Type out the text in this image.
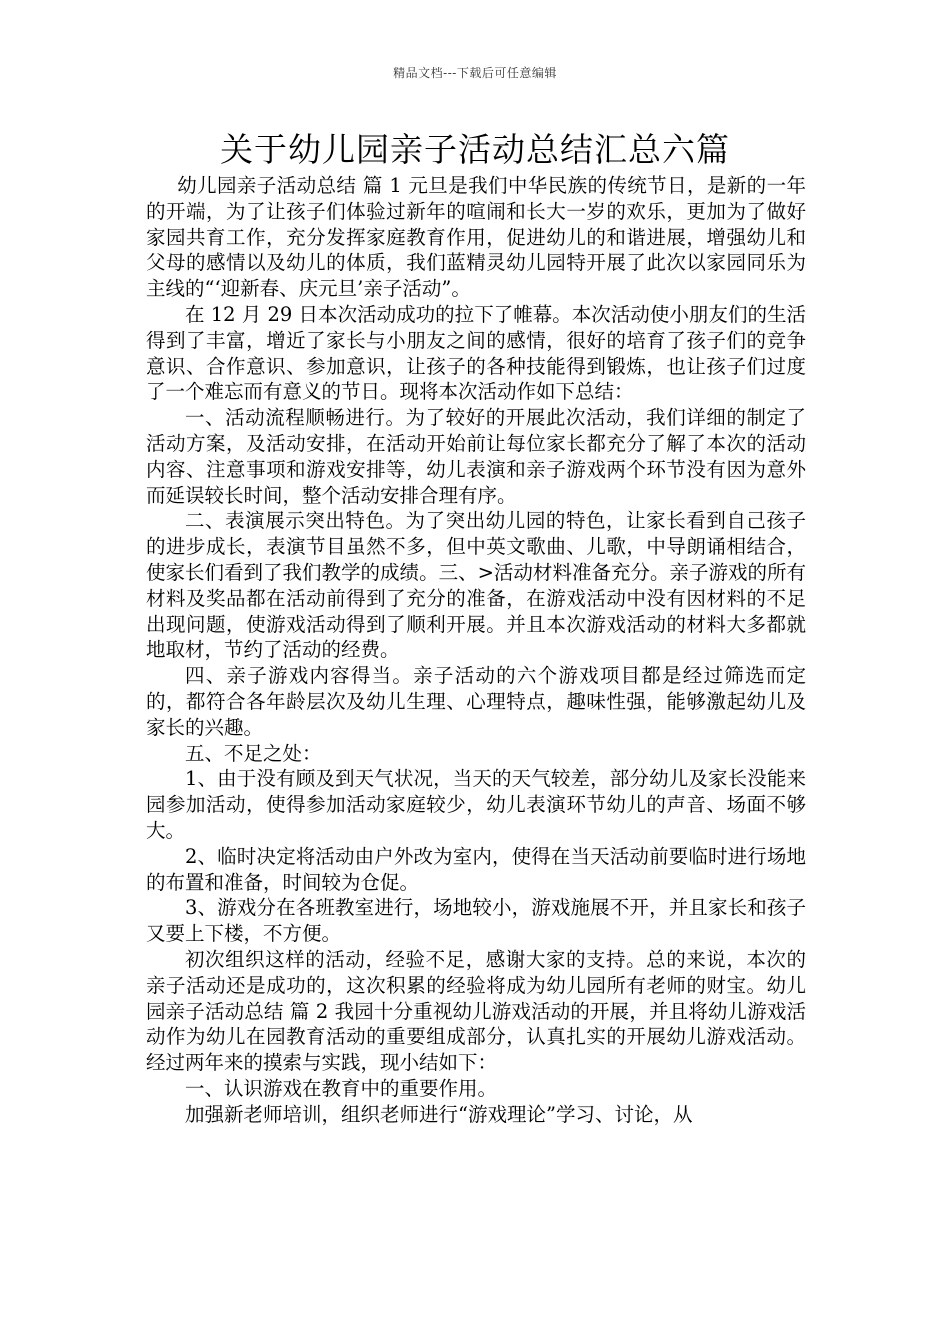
精品文档---下载后可任意编辑
关于幼儿园亲子活动总结汇总六篇

幼儿园亲子活动总结 篇 1 元旦是我们中华民族的传统节日，是新的一年的开端，为了让孩子们体验过新年的喧闹和长大一岁的欢乐，更加为了做好家园共育工作，充分发挥家庭教育作用，促进幼儿的和谐进展，增强幼儿和父母的感情以及幼儿的体质，我们蓝精灵幼儿园特开展了此次以家园同乐为主线的“‘迎新春、庆元旦’亲子活动”。

在 12 月 29 日本次活动成功的拉下了帷幕。本次活动使小朋友们的生活得到了丰富，增近了家长与小朋友之间的感情，很好的培育了孩子们的竞争意识、合作意识、参加意识，让孩子的各种技能得到锻炼，也让孩子们过度了一个难忘而有意义的节日。现将本次活动作如下总结：

一、活动流程顺畅进行。为了较好的开展此次活动，我们详细的制定了活动方案，及活动安排，在活动开始前让每位家长都充分了解了本次的活动内容、注意事项和游戏安排等，幼儿表演和亲子游戏两个环节没有因为意外而延误较长时间，整个活动安排合理有序。

二、表演展示突出特色。为了突出幼儿园的特色，让家长看到自己孩子的进步成长，表演节目虽然不多，但中英文歌曲、儿歌，中导朗诵相结合，使家长们看到了我们教学的成绩。三、>活动材料准备充分。亲子游戏的所有材料及奖品都在活动前得到了充分的准备，在游戏活动中没有因材料的不足出现问题，使游戏活动得到了顺利开展。并且本次游戏活动的材料大多都就地取材，节约了活动的经费。

四、亲子游戏内容得当。亲子活动的六个游戏项目都是经过筛选而定的，都符合各年龄层次及幼儿生理、心理特点，趣味性强，能够激起幼儿及家长的兴趣。

五、不足之处：

1、由于没有顾及到天气状况，当天的天气较差，部分幼儿及家长没能来园参加活动，使得参加活动家庭较少，幼儿表演环节幼儿的声音、场面不够大。

2、临时决定将活动由户外改为室内，使得在当天活动前要临时进行场地的布置和准备，时间较为仓促。

3、游戏分在各班教室进行，场地较小，游戏施展不开，并且家长和孩子又要上下楼，不方便。

初次组织这样的活动，经验不足，感谢大家的支持。总的来说，本次的亲子活动还是成功的，这次积累的经验将成为幼儿园所有老师的财宝。幼儿园亲子活动总结 篇 2 我园十分重视幼儿游戏活动的开展，并且将幼儿游戏活动作为幼儿在园教育活动的重要组成部分，认真扎实的开展幼儿游戏活动。经过两年来的摸索与实践，现小结如下：

一、认识游戏在教育中的重要作用。

加强新老师培训，组织老师进行“游戏理论”学习、讨论，从
